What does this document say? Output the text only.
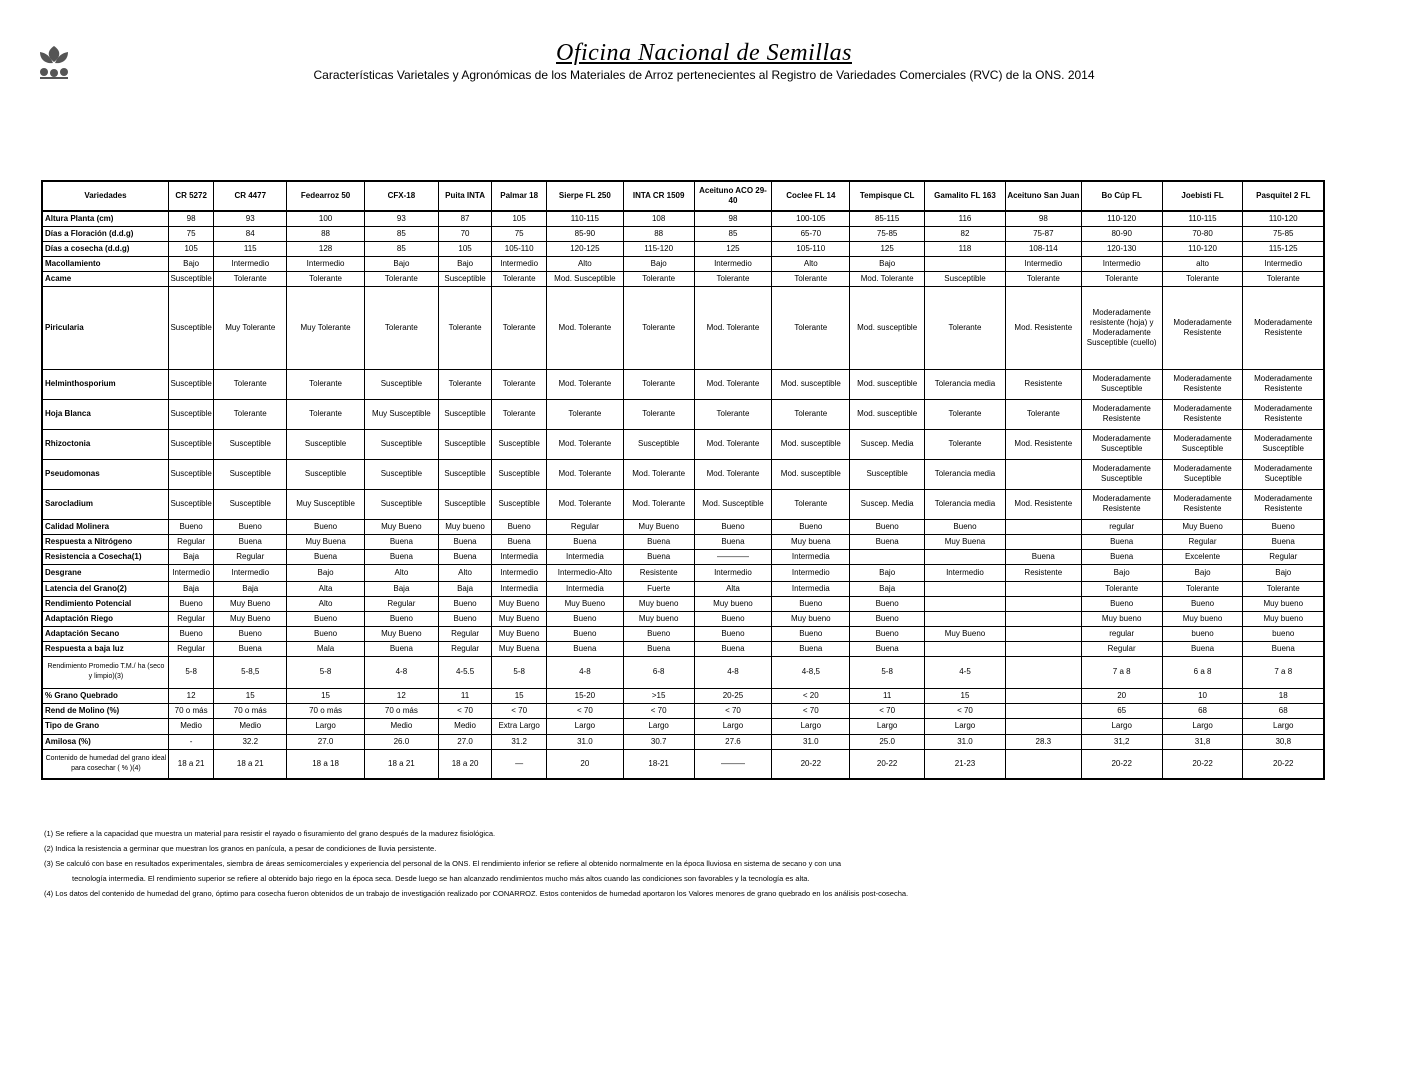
Oficina Nacional de Semillas
Características Varietales y Agronómicas de los Materiales de Arroz pertenecientes al Registro de Variedades Comerciales (RVC) de la ONS. 2014
Variedades	CR 5272	CR 4477	Fedearroz 50	CFX-18	Puita INTA	Palmar 18	Sierpe FL 250	INTA CR 1509	Aceituno ACO 29-40	Coclee FL 14	Tempisque CL	Gamalito FL 163	Aceituno San Juan	Bo Cúp FL	Joebisti FL	Pasquitel 2 FL
Altura Planta (cm)	98	93	100	93	87	105	110-115	108	98	100-105	85-115	116	98	110-120	110-115	110-120
Días a Floración (d.d.g)	75	84	88	85	70	75	85-90	88	85	65-70	75-85	82	75-87	80-90	70-80	75-85
Días a cosecha (d.d.g)	105	115	128	85	105	105-110	120-125	115-120	125	105-110	125	118	108-114	120-130	110-120	115-125
Macollamiento	Bajo	Intermedio	Intermedio	Bajo	Bajo	Intermedio	Alto	Bajo	Intermedio	Alto	Bajo		Intermedio	Intermedio	alto	Intermedio
Acame	Susceptible	Tolerante	Tolerante	Tolerante	Susceptible	Tolerante	Mod. Susceptible	Tolerante	Tolerante	Tolerante	Mod. Tolerante	Susceptible	Tolerante	Tolerante	Tolerante	Tolerante
Piricularia	Susceptible	Muy Tolerante	Muy Tolerante	Tolerante	Tolerante	Tolerante	Mod. Tolerante	Tolerante	Mod. Tolerante	Tolerante	Mod. susceptible	Tolerante	Mod. Resistente	Moderadamente resistente (hoja) y Moderadamente Susceptible (cuello)	Moderadamente Resistente	Moderadamente Resistente
Helminthosporium	Susceptible	Tolerante	Tolerante	Susceptible	Tolerante	Tolerante	Mod. Tolerante	Tolerante	Mod. Tolerante	Mod. susceptible	Mod. susceptible	Tolerancia media	Resistente	Moderadamente Susceptible	Moderadamente Resistente	Moderadamente Resistente
Hoja Blanca	Susceptible	Tolerante	Tolerante	Muy Susceptible	Susceptible	Tolerante	Tolerante	Tolerante	Tolerante	Tolerante	Mod. susceptible	Tolerante	Tolerante	Moderadamente Resistente	Moderadamente Resistente	Moderadamente Resistente
Rhizoctonia	Susceptible	Susceptible	Susceptible	Susceptible	Susceptible	Susceptible	Mod. Tolerante	Susceptible	Mod. Tolerante	Mod. susceptible	Suscep. Media	Tolerante	Mod. Resistente	Moderadamente Susceptible	Moderadamente Susceptible	Moderadamente Susceptible
Pseudomonas	Susceptible	Susceptible	Susceptible	Susceptible	Susceptible	Susceptible	Mod. Tolerante	Mod. Tolerante	Mod. Tolerante	Mod. susceptible	Susceptible	Tolerancia media		Moderadamente Susceptible	Moderadamente Suceptible	Moderadamente Suceptible
Sarocladium	Susceptible	Susceptible	Muy Susceptible	Susceptible	Susceptible	Susceptible	Mod. Tolerante	Mod. Tolerante	Mod. Susceptible	Tolerante	Suscep. Media	Tolerancia media	Mod. Resistente	Moderadamente Resistente	Moderadamente Resistente	Moderadamente Resistente
Calidad Molinera	Bueno	Bueno	Bueno	Muy Bueno	Muy bueno	Bueno	Regular	Muy Bueno	Bueno	Bueno	Bueno	Bueno		regular	Muy Bueno	Bueno
Respuesta a Nitrógeno	Regular	Buena	Muy Buena	Buena	Buena	Buena	Buena	Buena	Buena	Muy buena	Buena	Muy Buena		Buena	Regular	Buena
Resistencia a Cosecha(1)	Baja	Regular	Buena	Buena	Buena	Intermedia	Intermedia	Buena	————	Intermedia			Buena	Buena	Excelente	Regular
Desgrane	Intermedio	Intermedio	Bajo	Alto	Alto	Intermedio	Intermedio-Alto	Resistente	Intermedio	Intermedio	Bajo	Intermedio	Resistente	Bajo	Bajo	Bajo
Latencia del Grano(2)	Baja	Baja	Alta	Baja	Baja	Intermedia	Intermedia	Fuerte	Alta	Intermedia	Baja			Tolerante	Tolerante	Tolerante
Rendimiento Potencial	Bueno	Muy Bueno	Alto	Regular	Bueno	Muy Bueno	Muy Bueno	Muy bueno	Muy bueno	Bueno	Bueno			Bueno	Bueno	Muy bueno
Adaptación Riego	Regular	Muy Bueno	Bueno	Bueno	Bueno	Muy Bueno	Bueno	Muy bueno	Bueno	Muy bueno	Bueno			Muy bueno	Muy bueno	Muy bueno
Adaptación Secano	Bueno	Bueno	Bueno	Muy Bueno	Regular	Muy Bueno	Bueno	Bueno	Bueno	Bueno	Bueno	Muy Bueno		regular	bueno	bueno
Respuesta a baja luz	Regular	Buena	Mala	Buena	Regular	Muy Buena	Buena	Buena	Buena	Buena	Buena			Regular	Buena	Buena
Rendimiento Promedio T.M./ ha (seco y limpio)(3)	5-8	5-8,5	5-8	4-8	4-5.5	5-8	4-8	6-8	4-8	4-8,5	5-8	4-5		7 a 8	6 a 8	7 a 8
% Grano Quebrado	12	15	15	12	11	15	15-20	>15	20-25	< 20	11	15		20	10	18
Rend de Molino (%)	70 o más	70 o más	70 o más	70 o más	< 70	< 70	< 70	< 70	< 70	< 70	< 70	< 70		65	68	68
Tipo de Grano	Medio	Medio	Largo	Medio	Medio	Extra Largo	Largo	Largo	Largo	Largo	Largo	Largo		Largo	Largo	Largo
Amilosa (%)	-	32.2	27.0	26.0	27.0	31.2	31.0	30.7	27.6	31.0	25.0	31.0	28.3	31,2	31,8	30,8
Contenido de humedad del grano ideal para cosechar ( % )(4)	18 a 21	18 a 21	18 a 18	18 a 21	18 a 20	—	20	18-21	———	20-22	20-22	21-23		20-22	20-22	20-22
(1) Se refiere a la capacidad que muestra un material para resistir el rayado o fisuramiento del grano después de la madurez fisiológica.
(2) Indica la resistencia a germinar que muestran los granos en panícula, a pesar de condiciones de lluvia persistente.
(3) Se calculó con base en resultados experimentales, siembra de áreas semicomerciales y experiencia del personal de la ONS. El rendimiento inferior se refiere al obtenido normalmente en la época lluviosa en sistema de secano y con una
tecnología intermedia. El rendimiento superior se refiere al obtenido bajo riego en la época seca. Desde luego se han alcanzado rendimientos mucho más altos cuando las condiciones son favorables y la tecnología es alta.
(4) Los datos del contenido de humedad del grano, óptimo para cosecha fueron obtenidos de un trabajo de investigación realizado por CONARROZ. Estos contenidos de humedad aportaron los Valores menores de grano quebrado en los análisis post-cosecha.
